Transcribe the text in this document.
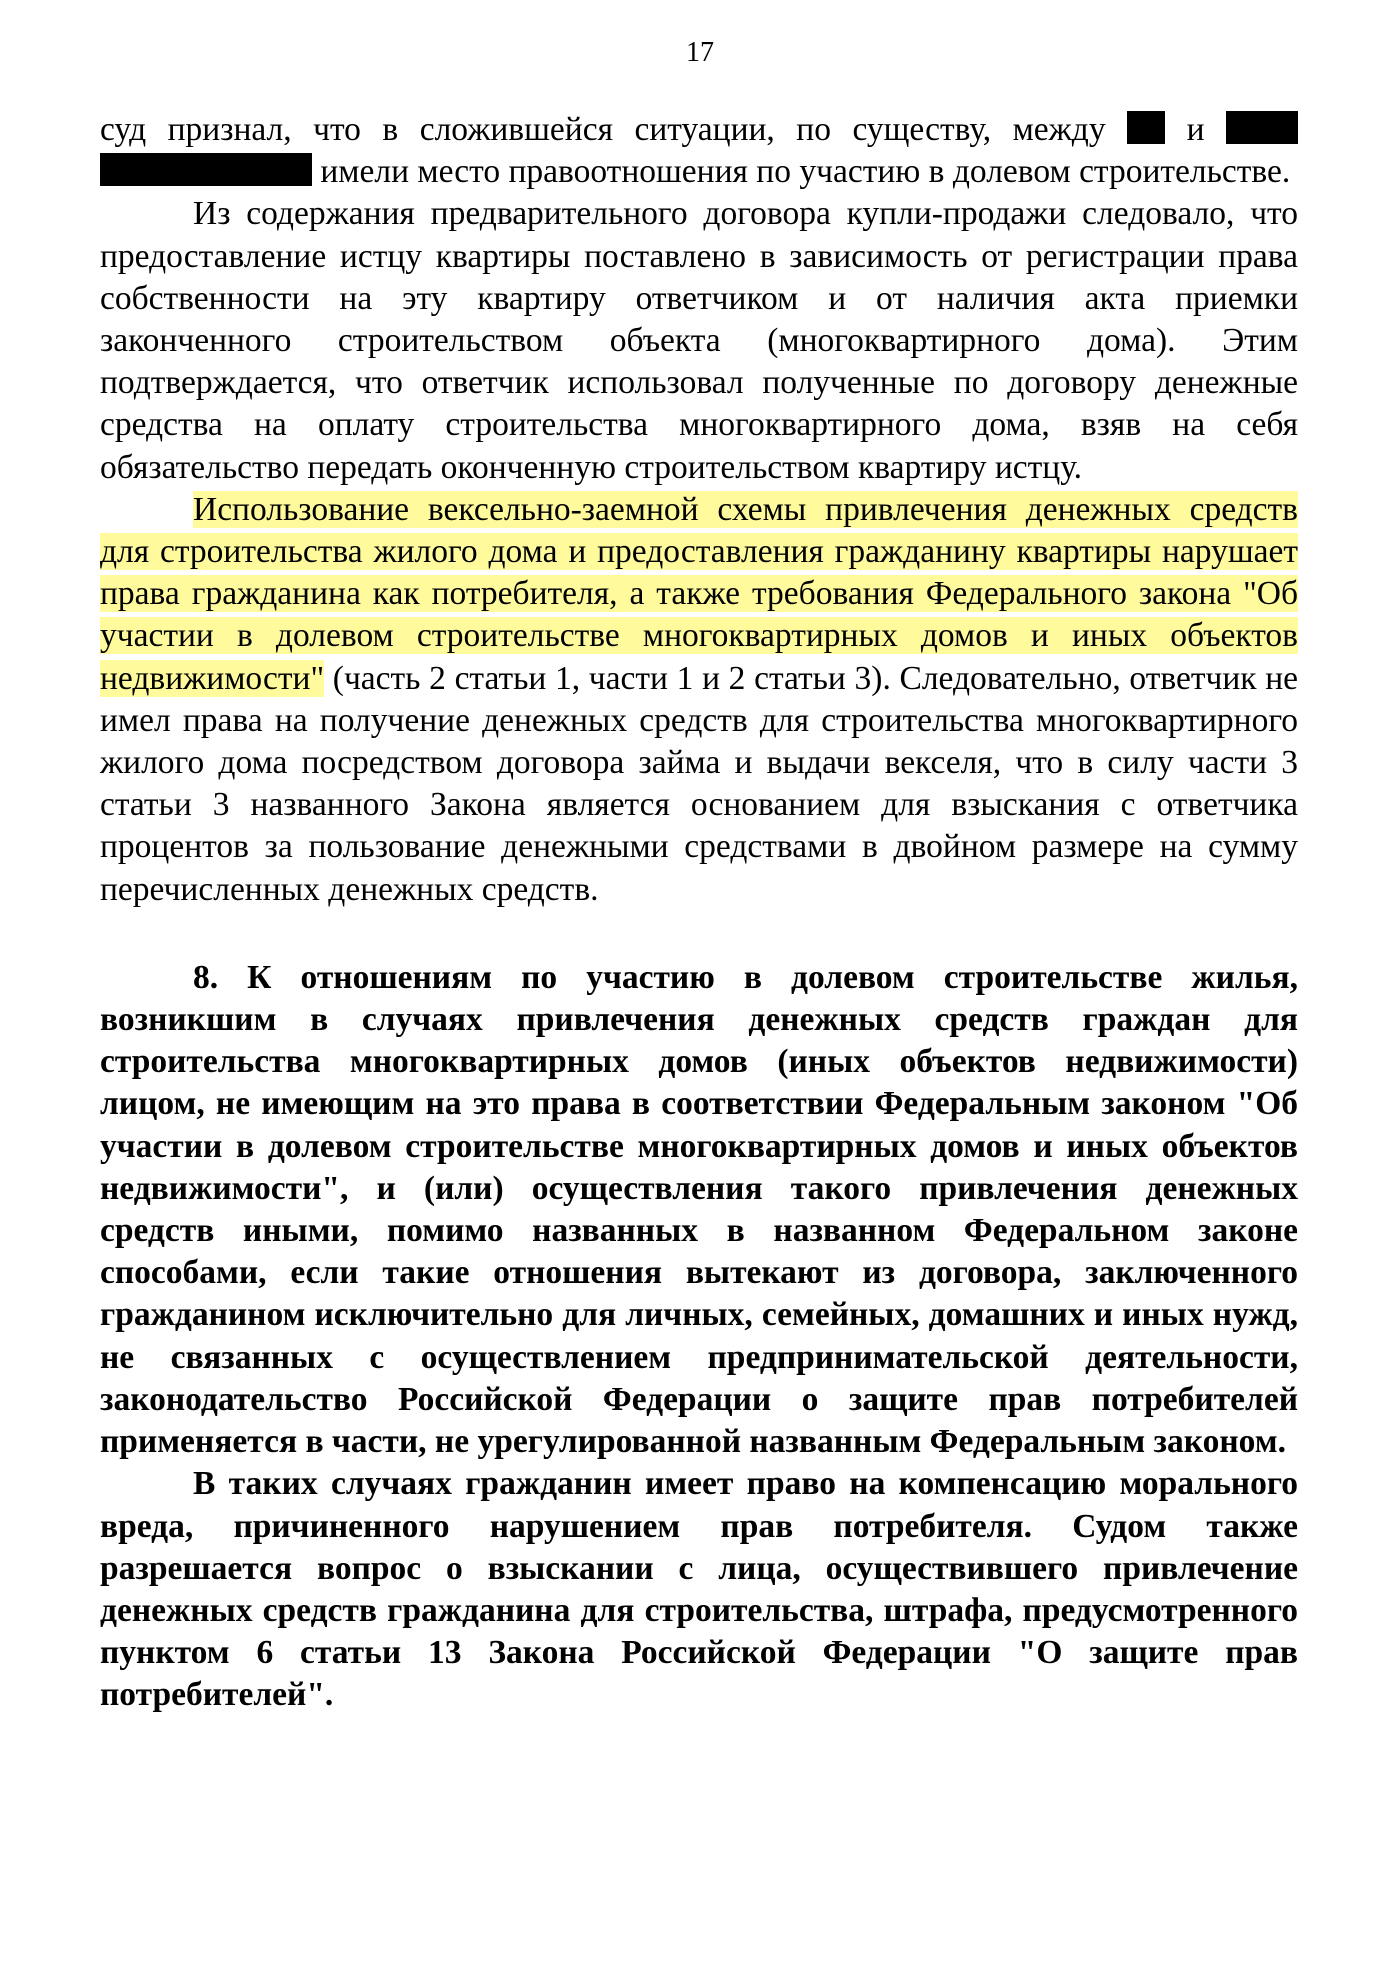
17

суд признал, что в сложившейся ситуации, по существу, между и   имели место правоотношения по участию в долевом строительстве.

Из содержания предварительного договора купли-продажи следовало, что предоставление истцу квартиры поставлено в зависимость от регистрации права собственности на эту квартиру ответчиком и от наличия акта приемки законченного строительством объекта (многоквартирного дома). Этим подтверждается, что ответчик использовал полученные по договору денежные средства на оплату строительства многоквартирного дома, взяв на себя обязательство передать оконченную строительством квартиру истцу.

Использование вексельно-заемной схемы привлечения денежных средств для строительства жилого дома и предоставления гражданину квартиры нарушает права гражданина как потребителя, а также требования Федерального закона "Об участии в долевом строительстве многоквартирных домов и иных объектов недвижимости" (часть 2 статьи 1, части 1 и 2 статьи 3). Следовательно, ответчик не имел права на получение денежных средств для строительства многоквартирного жилого дома посредством договора займа и выдачи векселя, что в силу части 3 статьи 3 названного Закона является основанием для взыскания с ответчика процентов за пользование денежными средствами в двойном размере на сумму перечисленных денежных средств.

8. К отношениям по участию в долевом строительстве жилья, возникшим в случаях привлечения денежных средств граждан для строительства многоквартирных домов (иных объектов недвижимости) лицом, не имеющим на это права в соответствии Федеральным законом "Об участии в долевом строительстве многоквартирных домов и иных объектов недвижимости", и (или) осуществления такого привлечения денежных средств иными, помимо названных в названном Федеральном законе способами, если такие отношения вытекают из договора, заключенного гражданином исключительно для личных, семейных, домашних и иных нужд, не связанных с осуществлением предпринимательской деятельности, законодательство Российской Федерации о защите прав потребителей применяется в части, не урегулированной названным Федеральным законом.

В таких случаях гражданин имеет право на компенсацию морального вреда, причиненного нарушением прав потребителя. Судом также разрешается вопрос о взыскании с лица, осуществившего привлечение денежных средств гражданина для строительства, штрафа, предусмотренного пунктом 6 статьи 13 Закона Российской Федерации "О защите прав потребителей".
